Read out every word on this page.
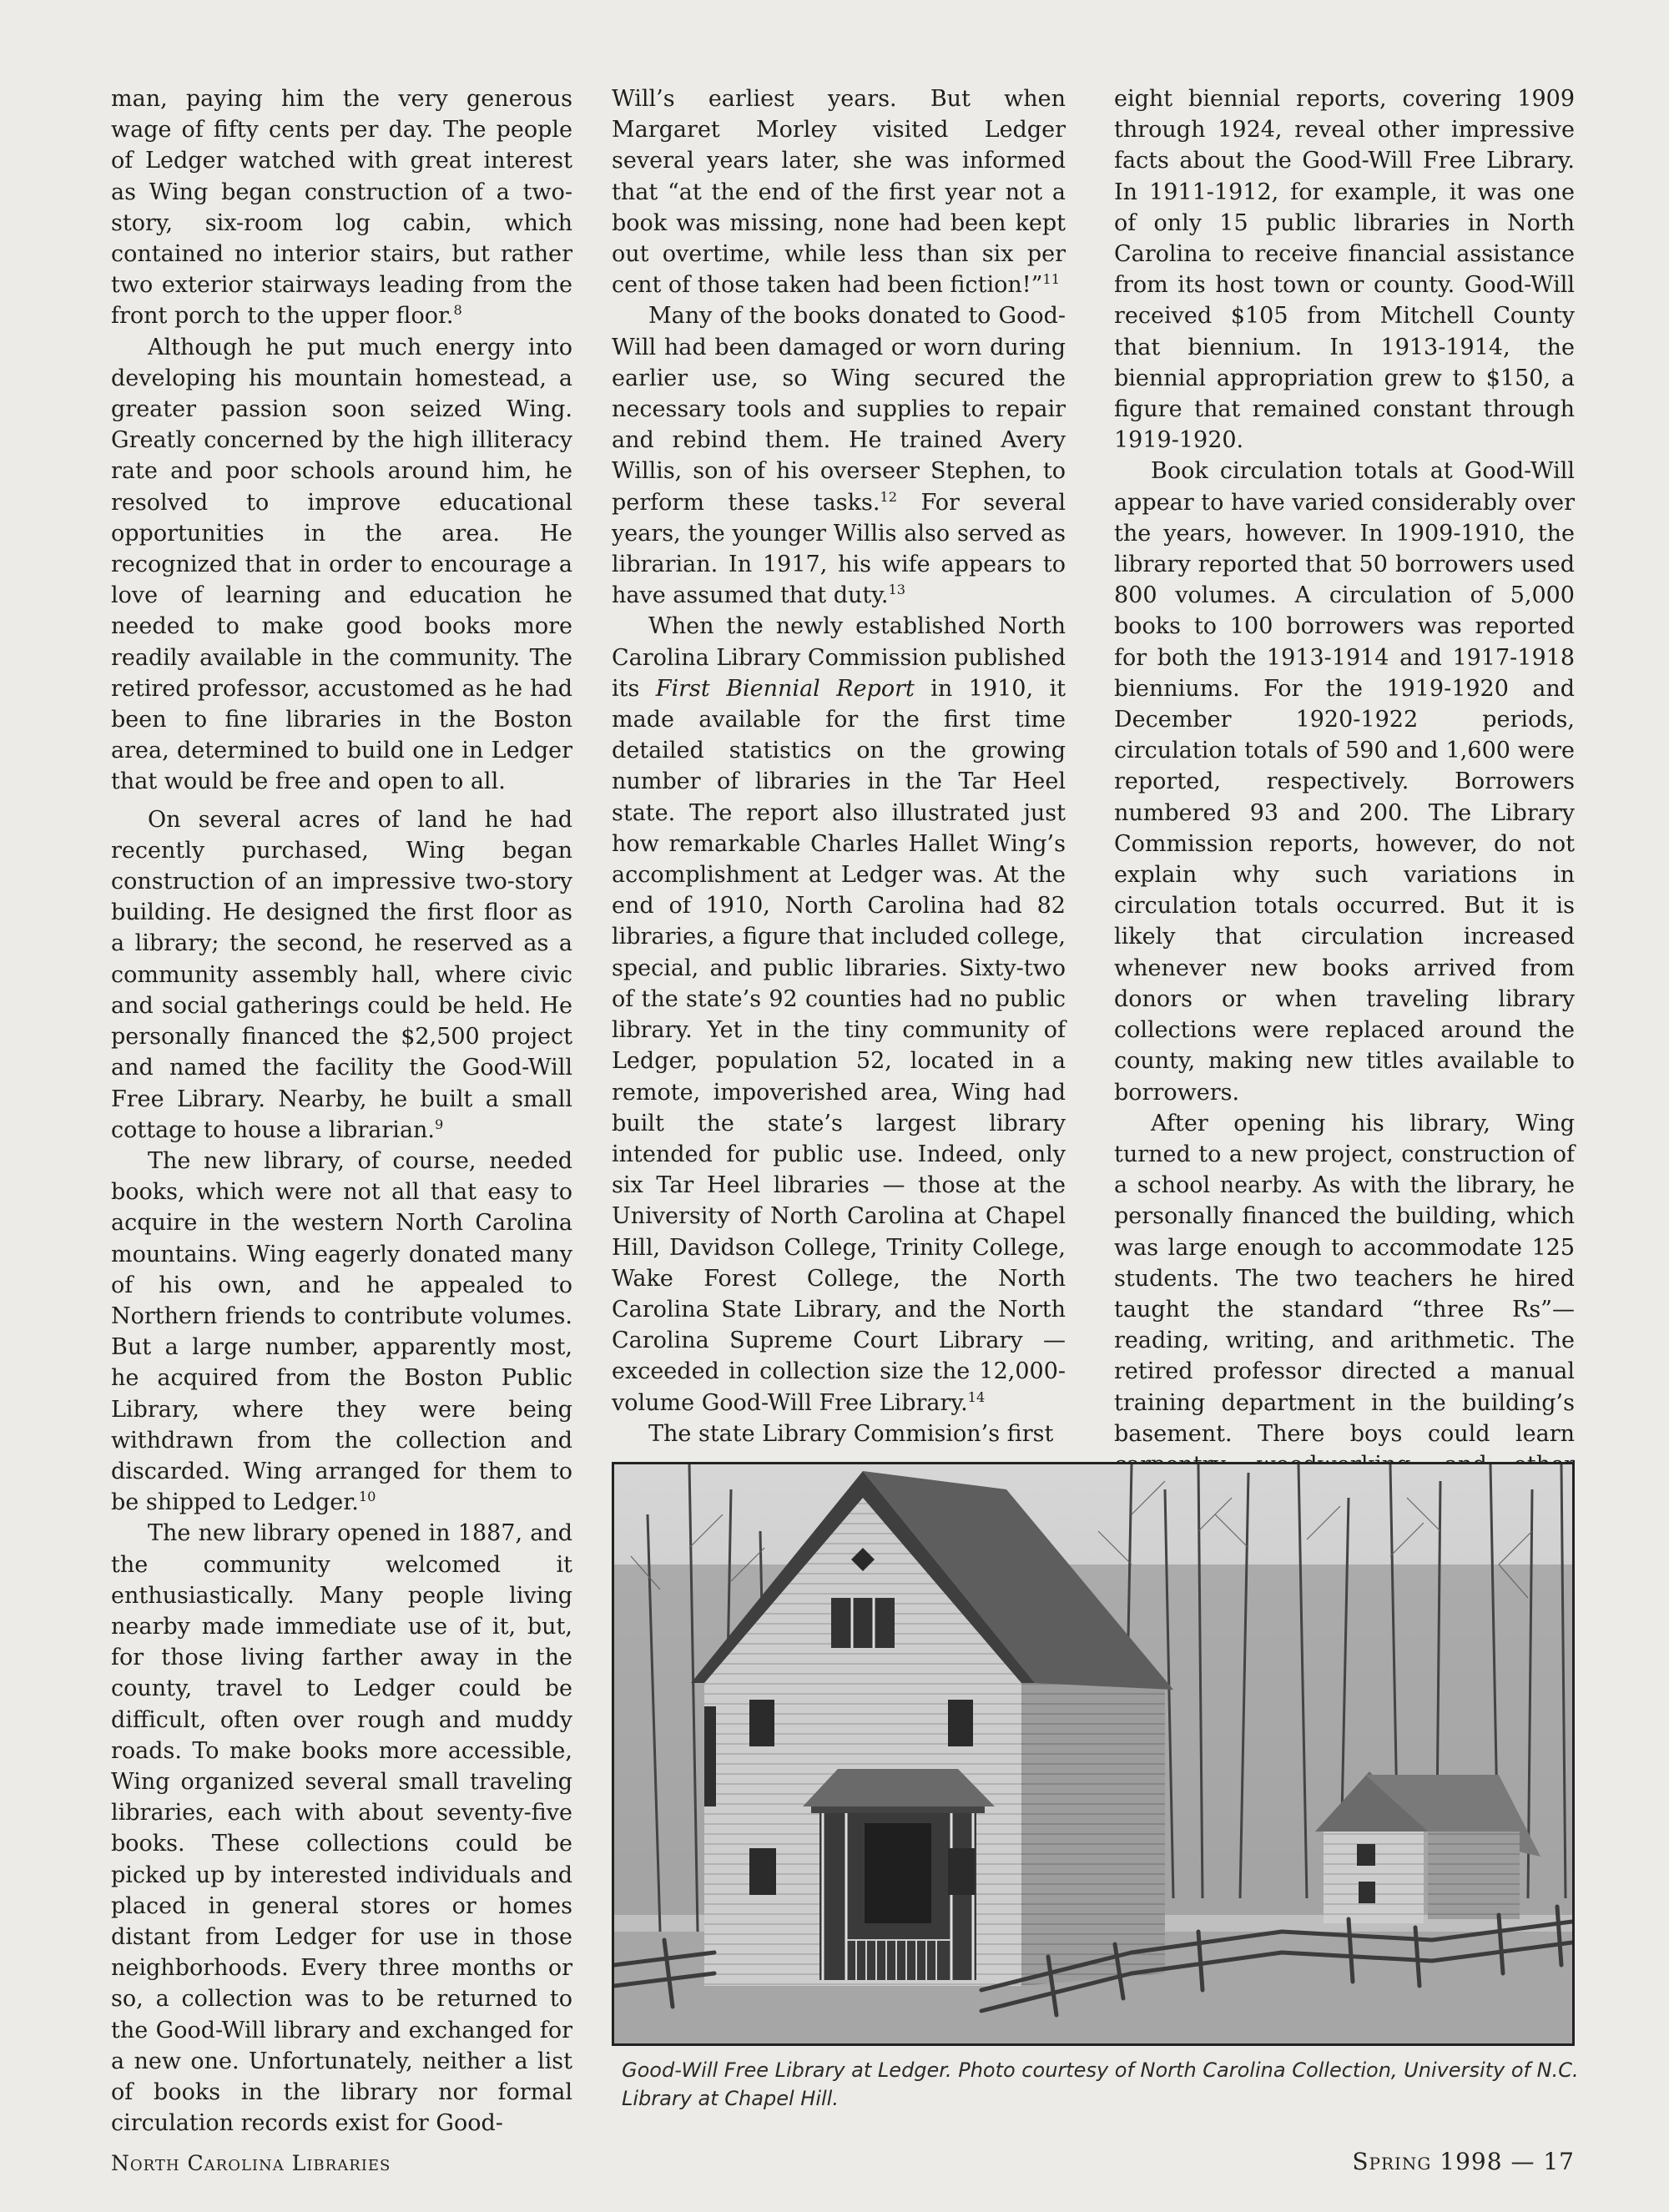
man, paying him the very generous wage of fifty cents per day. The people of Ledger watched with great interest as Wing began construction of a two-story, six-room log cabin, which contained no interior stairs, but rather two exterior stairways leading from the front porch to the upper floor.$^8$

Although he put much energy into developing his mountain homestead, a greater passion soon seized Wing. Greatly concerned by the high illiteracy rate and poor schools around him, he resolved to improve educational opportunities in the area. He recognized that in order to encourage a love of learning and education he needed to make good books more readily available in the community. The retired professor, accustomed as he had been to fine libraries in the Boston area, determined to build one in Ledger that would be free and open to all.

On several acres of land he had recently purchased, Wing began construction of an impressive two-story building. He designed the first floor as a library; the second, he reserved as a community assembly hall, where civic and social gatherings could be held. He personally financed the $2,500 project and named the facility the Good-Will Free Library. Nearby, he built a small cottage to house a librarian.$^9$

The new library, of course, needed books, which were not all that easy to acquire in the western North Carolina mountains. Wing eagerly donated many of his own, and he appealed to Northern friends to contribute volumes. But a large number, apparently most, he acquired from the Boston Public Library, where they were being withdrawn from the collection and discarded. Wing arranged for them to be shipped to Ledger.$^{10}$

The new library opened in 1887, and the community welcomed it enthusiastically. Many people living nearby made immediate use of it, but, for those living farther away in the county, travel to Ledger could be difficult, often over rough and muddy roads. To make books more accessible, Wing organized several small traveling libraries, each with about seventy-five books. These collections could be picked up by interested individuals and placed in general stores or homes distant from Ledger for use in those neighborhoods. Every three months or so, a collection was to be returned to the Good-Will library and exchanged for a new one. Unfortunately, neither a list of books in the library nor formal circulation records exist for Good-

Will’s earliest years. But when Margaret Morley visited Ledger several years later, she was informed that “at the end of the first year not a book was missing, none had been kept out overtime, while less than six per cent of those taken had been fiction!”$^{11}$

Many of the books donated to Good-Will had been damaged or worn during earlier use, so Wing secured the necessary tools and supplies to repair and rebind them. He trained Avery Willis, son of his overseer Stephen, to perform these tasks.$^{12}$ For several years, the younger Willis also served as librarian. In 1917, his wife appears to have assumed that duty.$^{13}$

When the newly established North Carolina Library Commission published its First Biennial Report in 1910, it made available for the first time detailed statistics on the growing number of libraries in the Tar Heel state. The report also illustrated just how remarkable Charles Hallet Wing’s accomplishment at Ledger was. At the end of 1910, North Carolina had 82 libraries, a figure that included college, special, and public libraries. Sixty-two of the state’s 92 counties had no public library. Yet in the tiny community of Ledger, population 52, located in a remote, impoverished area, Wing had built the state’s largest library intended for public use. Indeed, only six Tar Heel libraries — those at the University of North Carolina at Chapel Hill, Davidson College, Trinity College, Wake Forest College, the North Carolina State Library, and the North Carolina Supreme Court Library — exceeded in collection size the 12,000-volume Good-Will Free Library.$^{14}$

The state Library Commision’s first

eight biennial reports, covering 1909 through 1924, reveal other impressive facts about the Good-Will Free Library. In 1911-1912, for example, it was one of only 15 public libraries in North Carolina to receive financial assistance from its host town or county. Good-Will received $105 from Mitchell County that biennium. In 1913-1914, the biennial appropriation grew to $150, a figure that remained constant through 1919-1920.

Book circulation totals at Good-Will appear to have varied considerably over the years, however. In 1909-1910, the library reported that 50 borrowers used 800 volumes. A circulation of 5,000 books to 100 borrowers was reported for both the 1913-1914 and 1917-1918 bienniums. For the 1919-1920 and December 1920-1922 periods, circulation totals of 590 and 1,600 were reported, respectively. Borrowers numbered 93 and 200. The Library Commission reports, however, do not explain why such variations in circulation totals occurred. But it is likely that circulation increased whenever new books arrived from donors or when traveling library collections were replaced around the county, making new titles available to borrowers.

After opening his library, Wing turned to a new project, construction of a school nearby. As with the library, he personally financed the building, which was large enough to accommodate 125 students. The two teachers he hired taught the standard “three Rs”— reading, writing, and arithmetic. The retired professor directed a manual training department in the building’s basement. There boys could learn

Good-Will Free Library at Ledger. Photo courtesy of North Carolina Collection, University of N.C. Library at Chapel Hill.
North Carolina Libraries	Spring 1998 — 17
